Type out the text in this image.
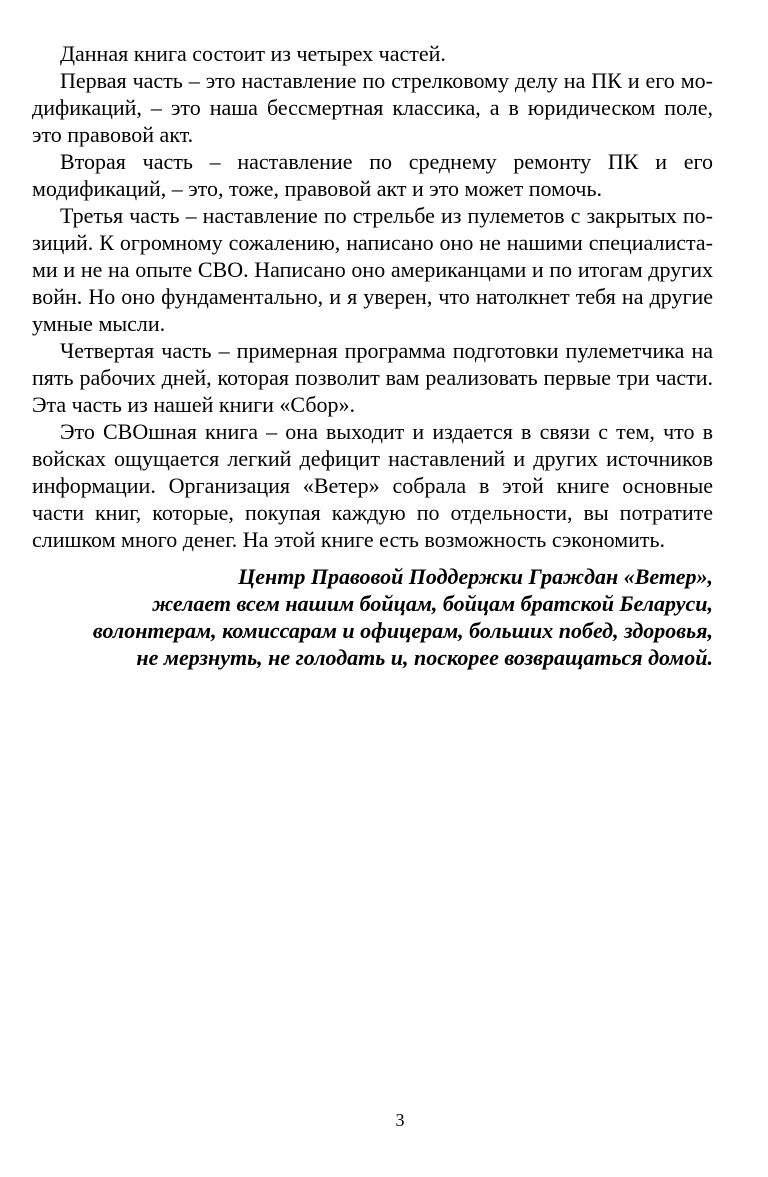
Данная книга состоит из четырех частей.

Первая часть – это наставление по стрелковому делу на ПК и его модификаций, – это наша бессмертная классика, а в юридическом поле, это правовой акт.

Вторая часть – наставление по среднему ремонту ПК и его модификаций, – это, тоже, правовой акт и это может помочь.

Третья часть – наставление по стрельбе из пулеметов с закрытых позиций. К огромному сожалению, написано оно не нашими специалистами и не на опыте СВО. Написано оно американцами и по итогам других войн. Но оно фундаментально, и я уверен, что натолкнет тебя на другие умные мысли.

Четвертая часть – примерная программа подготовки пулеметчика на пять рабочих дней, которая позволит вам реализовать первые три части. Эта часть из нашей книги «Сбор».

Это СВОшная книга – она выходит и издается в связи с тем, что в войсках ощущается легкий дефицит наставлений и других источников информации. Организация «Ветер» собрала в этой книге основные части книг, которые, покупая каждую по отдельности, вы потратите слишком много денег. На этой книге есть возможность сэкономить.

Центр Правовой Поддержки Граждан «Ветер»,
желает всем нашим бойцам, бойцам братской Беларуси,
волонтерам, комиссарам и офицерам, больших побед, здоровья,
не мерзнуть, не голодать и, поскорее возвращаться домой.
3
